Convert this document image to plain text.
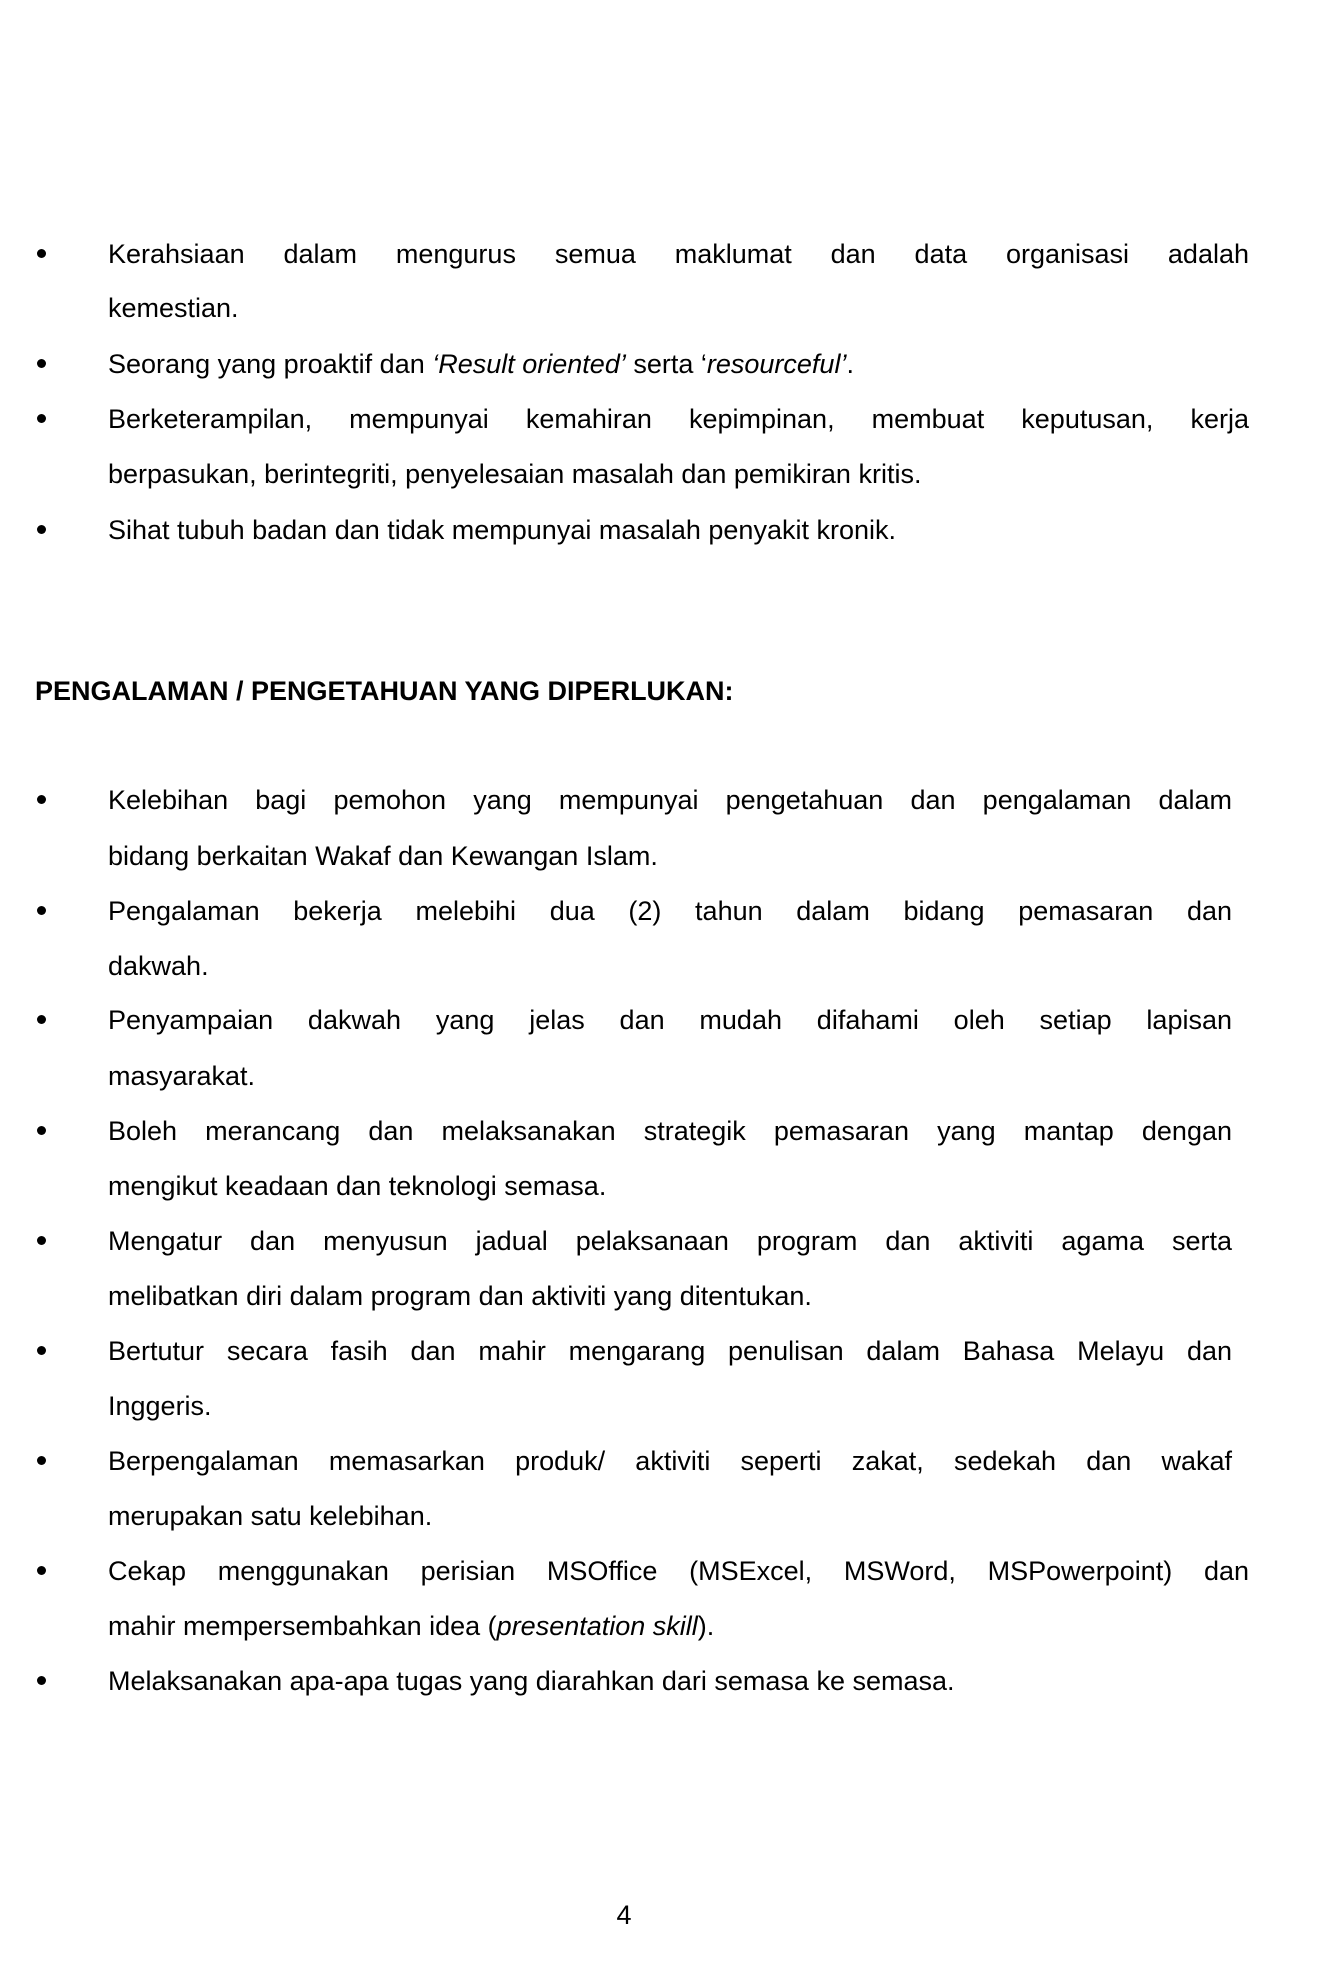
Kerahsiaan dalam mengurus semua maklumat dan data organisasi adalah
kemestian.
Seorang yang proaktif dan ‘Result oriented’ serta ‘resourceful’.
Berketerampilan, mempunyai kemahiran kepimpinan, membuat keputusan, kerja
berpasukan, berintegriti, penyelesaian masalah dan pemikiran kritis.
Sihat tubuh badan dan tidak mempunyai masalah penyakit kronik.
PENGALAMAN / PENGETAHUAN YANG DIPERLUKAN:
Kelebihan bagi pemohon yang mempunyai pengetahuan dan pengalaman dalam
bidang berkaitan Wakaf dan Kewangan Islam.
Pengalaman bekerja melebihi dua (2) tahun dalam bidang pemasaran dan
dakwah.
Penyampaian dakwah yang jelas dan mudah difahami oleh setiap lapisan
masyarakat.
Boleh merancang dan melaksanakan strategik pemasaran yang mantap dengan
mengikut keadaan dan teknologi semasa.
Mengatur dan menyusun jadual pelaksanaan program dan aktiviti agama serta
melibatkan diri dalam program dan aktiviti yang ditentukan.
Bertutur secara fasih dan mahir mengarang penulisan dalam Bahasa Melayu dan
Inggeris.
Berpengalaman memasarkan produk/ aktiviti seperti zakat, sedekah dan wakaf
merupakan satu kelebihan.
Cekap menggunakan perisian MSOffice (MSExcel, MSWord, MSPowerpoint) dan
mahir mempersembahkan idea (presentation skill).
Melaksanakan apa-apa tugas yang diarahkan dari semasa ke semasa.
4
